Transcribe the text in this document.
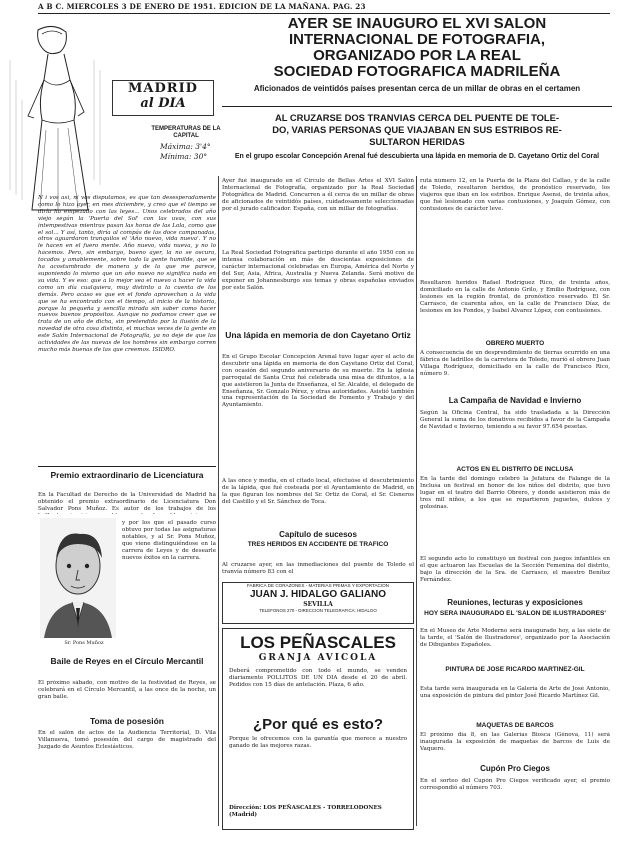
A B C. MIERCOLES 3 DE ENERO DE 1951. EDICION DE LA MAÑANA. PAG. 23
MADRID
al DIA
TEMPERATURAS DE LA CAPITAL
Máxima: 3'4°
Mínima: 30°
N i vos así, ni vos disputamos, es que tan desesperadamente como lo hizo ayer, en mes diciembre, y creo que el tiempo se diría ha empezado con las leyes... Unos celebrados del año viejo según la 'Puerta del Sol' con las uvas, con sus intempestivas mientras pasan las horas de las Lola, como que el sol... Y así, tanto, diría al compás de las doce campanadas, otros aguardaron tranquilos el 'Año nuevo, vida nueva'. Y no le hacen en el fuero mente. Año nuevo, vida nueva, y no lo hacemos. Pero, sin embargo, bueno ayer, la no se oscura, tocados y amablemente, sobre todo la gente humilde, que se ha acostumbrado de manera y de la que me parece, suponiendo lo mismo que un año nuevo no significa nada en su vida. Y es eso: que a lo mejor sea el nuevo a hacer la vida como un día cualquiera, muy distinto a la cuenta de los demás. Pero acaso es que en el fondo aprovechan a la vida que se ha encontrado con el tiempo, al inicio de la historia, porque la pequeña y sencilla mirada sin saber como hacer nuevos buenos propósitos. Aunque no podamos creer que se trata de un año de dicha, sin pretendido por la ilusión de la novedad de otra cosa distinta, el muchas veces de la gente en este Salón Internacional de Fotografía, ya no deje de que las actividades de las nuevas de los hombres sin embargo corren mucho más buenas de las que creemos. ISIDRO.
Premio extraordinario de Licenciatura
En la Facultad de Derecho de la Universidad de Madrid ha obtenido el premio extraordinario de Licenciatura Don Salvador Pons Muñoz. Es autor de los trabajos de los
Sr. Pons Muñoz
y por los que el pasado curso obtuvo por todas las asignaturas notables, y al Sr. Pons Muñoz, que viene distinguiéndose en la carrera de Leyes y de desearle nuevos éxitos en la carrera.
Baile de Reyes en el Círculo Mercantil
El próximo sábado, con motivo de la festividad de Reyes, se celebrará en el Círculo Mercantil, a las once de la noche, un gran baile.
Toma de posesión
En el salón de actos de la Audiencia Territorial, D. Vila Villanueva, tomó posesión del cargo de magistrado del Juzgado de Asuntos Eclesiásticos.
AYER SE INAUGURO EL XVI SALON
INTERNACIONAL DE FOTOGRAFIA,
ORGANIZADO POR LA REAL
SOCIEDAD FOTOGRAFICA MADRILEÑA
Aficionados de veintidós países presentan cerca de un millar de obras en el certamen
AL CRUZARSE DOS TRANVIAS CERCA DEL PUENTE DE TOLE-
DO, VARIAS PERSONAS QUE VIAJABAN EN SUS ESTRIBOS RE-
SULTARON HERIDAS
En el grupo escolar Concepción Arenal fué descubierta una lápida en memoria de D. Cayetano Ortiz del Coral
Ayer fué inaugurado en el Círculo de Bellas Artes el XVI Salón Internacional de Fotografía, organizado por la Real Sociedad Fotográfica de Madrid. Concurren a él cerca de un millar de obras de aficionados de veintidós países, cuidadosamente seleccionadas por el jurado calificador. España, con un millar de fotografías.
La Real Sociedad Fotográfica participó durante el año 1950 con su intensa colaboración en más de doscientas exposiciones de carácter internacional celebradas en Europa, América del Norte y del Sur, Asia, Africa, Australia y Nueva Zelanda. Será motivo de exponer en Johannesburgo sus temas y obras españolas enviados por este Salón.
Una lápida en memoria de don Cayetano Ortiz
En el Grupo Escolar Concepción Arenal tuvo lugar ayer el acto de descubrir una lápida en memoria de don Cayetano Ortiz del Coral, con ocasión del segundo aniversario de su muerte. En la iglesia parroquial de Santa Cruz fué celebrada una misa de difuntos, a la que asistieron la Junta de Enseñanza, el Sr. Alcalde, el delegado de Enseñanza, Sr. Gonzalo Pérez, y otras autoridades. Asistió también una representación de la Sociedad de Fomento y Trabajo y del Ayuntamiento.
A las once y media, en el citado local, efectuóse el descubrimiento de la lápida, que fué costeada por el Ayuntamiento de Madrid, en la que figuran los nombres del Sr. Ortiz de Coral, el Sr. Cisneros del Castillo y el Sr. Sánchez de Toca.
Capítulo de sucesos
TRES HERIDOS EN ACCIDENTE DE TRAFICO
Al cruzarse ayer, en las inmediaciones del puente de Toledo el tranvía número 83 con el
FABRICA DE CORAZONES - MATERIAS PRIMAS Y EXPORTACION
JUAN J. HIDALGO GALIANO
SEVILLA
TELEFONOS 270 - DIRECCION TELEGRAFICA: HIDALGO
LOS PEÑASCALES
GRANJA AVICOLA
Deberá comprometido con todo el mundo, se venden diariamente POLLITOS DE UN DIA desde el 20 de abril. Pedidos con 15 días de antelación. Plaza, 6 año.
¿Por qué es esto?
Porque le ofrecemos con la garantía que merece a nuestro ganado de las mejores razas.
Dirección: LOS PEÑASCALES - TORRELODONES (Madrid)
ruta número 12, en la Puerta de la Plaza del Callao, y de la calle de Toledo, resultaron heridos, de pronóstico reservado, los viajeros que iban en los estribos. Enrique Asensi, de treinta años, que fué lesionado con varias contusiones, y Joaquín Gómez, con contusiones de carácter leve.
Resultaron heridos Rafael Rodríguez Rico, de treinta años, domiciliado en la calle de Antonio Grilo, y Emilio Rodríguez, con lesiones en la región frontal, de pronóstico reservado. El Sr. Carrasco, de cuarenta años, en la calle de Francisco Díaz, de lesiones en los Fondos, y Isabel Alvarez López, con contusiones.
OBRERO MUERTO
A consecuencia de un desprendimiento de tierras ocurrido en una fábrica de ladrillos de la carretera de Toledo, murió el obrero Juan Villaga Rodríguez, domiciliado en la calle de Francisco Rico, número 9.
La Campaña de Navidad e Invierno
Según la Oficina Central, ha sido trasladada a la Dirección General la suma de los donativos recibidos a favor de la Campaña de Navidad e Invierno, teniendo a su favor 97.654 pesetas.
ACTOS EN EL DISTRITO DE INCLUSA
En la tarde del domingo celebró la Jefatura de Falange de la Inclusa un festival en honor de los niños del distrito, que tuvo lugar en el teatro del Barrio Obrero, y donde asistieron más de tres mil niños, a los que se repartieron juguetes, dulces y golosinas.
El segundo acto lo constituyó un festival con juegos infantiles en el que actuaron las Escuelas de la Sección Femenina del distrito, bajo la dirección de la Sra. de Carrasco, el maestro Benítez Fernández.
Reuniones, lecturas y exposiciones
HOY SERA INAUGURADO EL 'SALON DE ILUSTRADORES'
En el Museo de Arte Moderno será inaugurado hoy, a las siete de la tarde, el 'Salón de Ilustradores', organizado por la Asociación de Dibujantes Españoles.
PINTURA DE JOSE RICARDO MARTINEZ-GIL
Esta tarde será inaugurada en la Galería de Arte de José Antonio, una exposición de pintura del pintor José Ricardo Martínez Gil.
MAQUETAS DE BARCOS
El próximo día 8, en las Galerías Biosca (Génova, 11) será inaugurada la exposición de maquetas de barcos de Luis de Vaquero.
Cupón Pro Ciegos
En el sorteo del Cupón Pro Ciegos verificado ayer, el premio correspondió al número 703.
